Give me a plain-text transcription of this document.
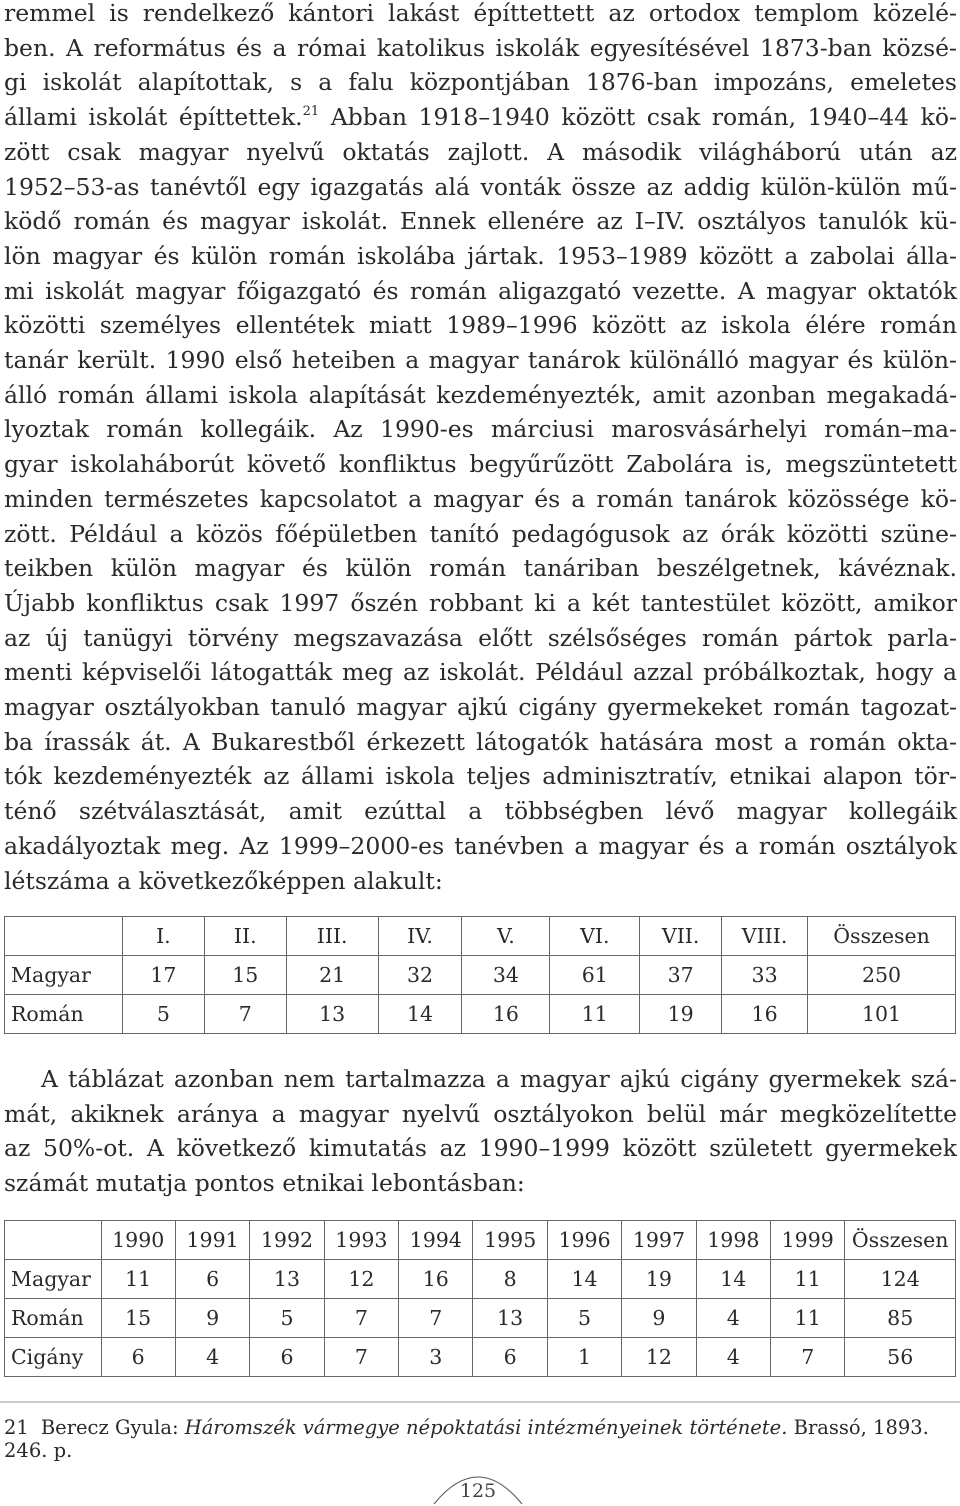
remmel is rendelkező kántori lakást építtettett az ortodox templom közelé-
ben. A református és a római katolikus iskolák egyesítésével 1873-ban közsé-
gi iskolát alapítottak, s a falu központjában 1876-ban impozáns, emeletes
állami iskolát építtettek.$^{21}$ Abban 1918–1940 között csak román, 1940–44 kö-
zött csak magyar nyelvű oktatás zajlott. A második világháború után az
1952–53-as tanévtől egy igazgatás alá vonták össze az addig külön-külön mű-
ködő román és magyar iskolát. Ennek ellenére az I–IV. osztályos tanulók kü-
lön magyar és külön román iskolába jártak. 1953–1989 között a zabolai álla-
mi iskolát magyar főigazgató és román aligazgató vezette. A magyar oktatók
közötti személyes ellentétek miatt 1989–1996 között az iskola élére román
tanár került. 1990 első heteiben a magyar tanárok különálló magyar és külön-
álló román állami iskola alapítását kezdeményezték, amit azonban megakadá-
lyoztak román kollegáik. Az 1990-es márciusi marosvásárhelyi román–ma-
gyar iskolaháborút követő konfliktus begyűrűzött Zabolára is, megszüntetett
minden természetes kapcsolatot a magyar és a román tanárok közössége kö-
zött. Például a közös főépületben tanító pedagógusok az órák közötti szüne-
teikben külön magyar és külön román tanáriban beszélgetnek, kávéznak.
Újabb konfliktus csak 1997 őszén robbant ki a két tantestület között, amikor
az új tanügyi törvény megszavazása előtt szélsőséges román pártok parla-
menti képviselői látogatták meg az iskolát. Például azzal próbálkoztak, hogy a
magyar osztályokban tanuló magyar ajkú cigány gyermekeket román tagozat-
ba írassák át. A Bukarestből érkezett látogatók hatására most a román okta-
tók kezdeményezték az állami iskola teljes adminisztratív, etnikai alapon tör-
ténő szétválasztását, amit ezúttal a többségben lévő magyar kollegáik
akadályoztak meg. Az 1999–2000-es tanévben a magyar és a román osztályok
létszáma a következőképpen alakult:
	I.	II.	III.	IV.	V.	VI.	VII.	VIII.	Összesen
Magyar	17	15	21	32	34	61	37	33	250
Román	5	7	13	14	16	11	19	16	101
A táblázat azonban nem tartalmazza a magyar ajkú cigány gyermekek szá-
mát, akiknek aránya a magyar nyelvű osztályokon belül már megközelítette
az 50%-ot. A következő kimutatás az 1990–1999 között született gyermekek
számát mutatja pontos etnikai lebontásban:
	1990	1991	1992	1993	1994	1995	1996	1997	1998	1999	Összesen
Magyar	11	6	13	12	16	8	14	19	14	11	124
Román	15	9	5	7	7	13	5	9	4	11	85
Cigány	6	4	6	7	3	6	1	12	4	7	56
21 Berecz Gyula: Háromszék vármegye népoktatási intézményeinek története. Brassó, 1893. 246. p.
125
